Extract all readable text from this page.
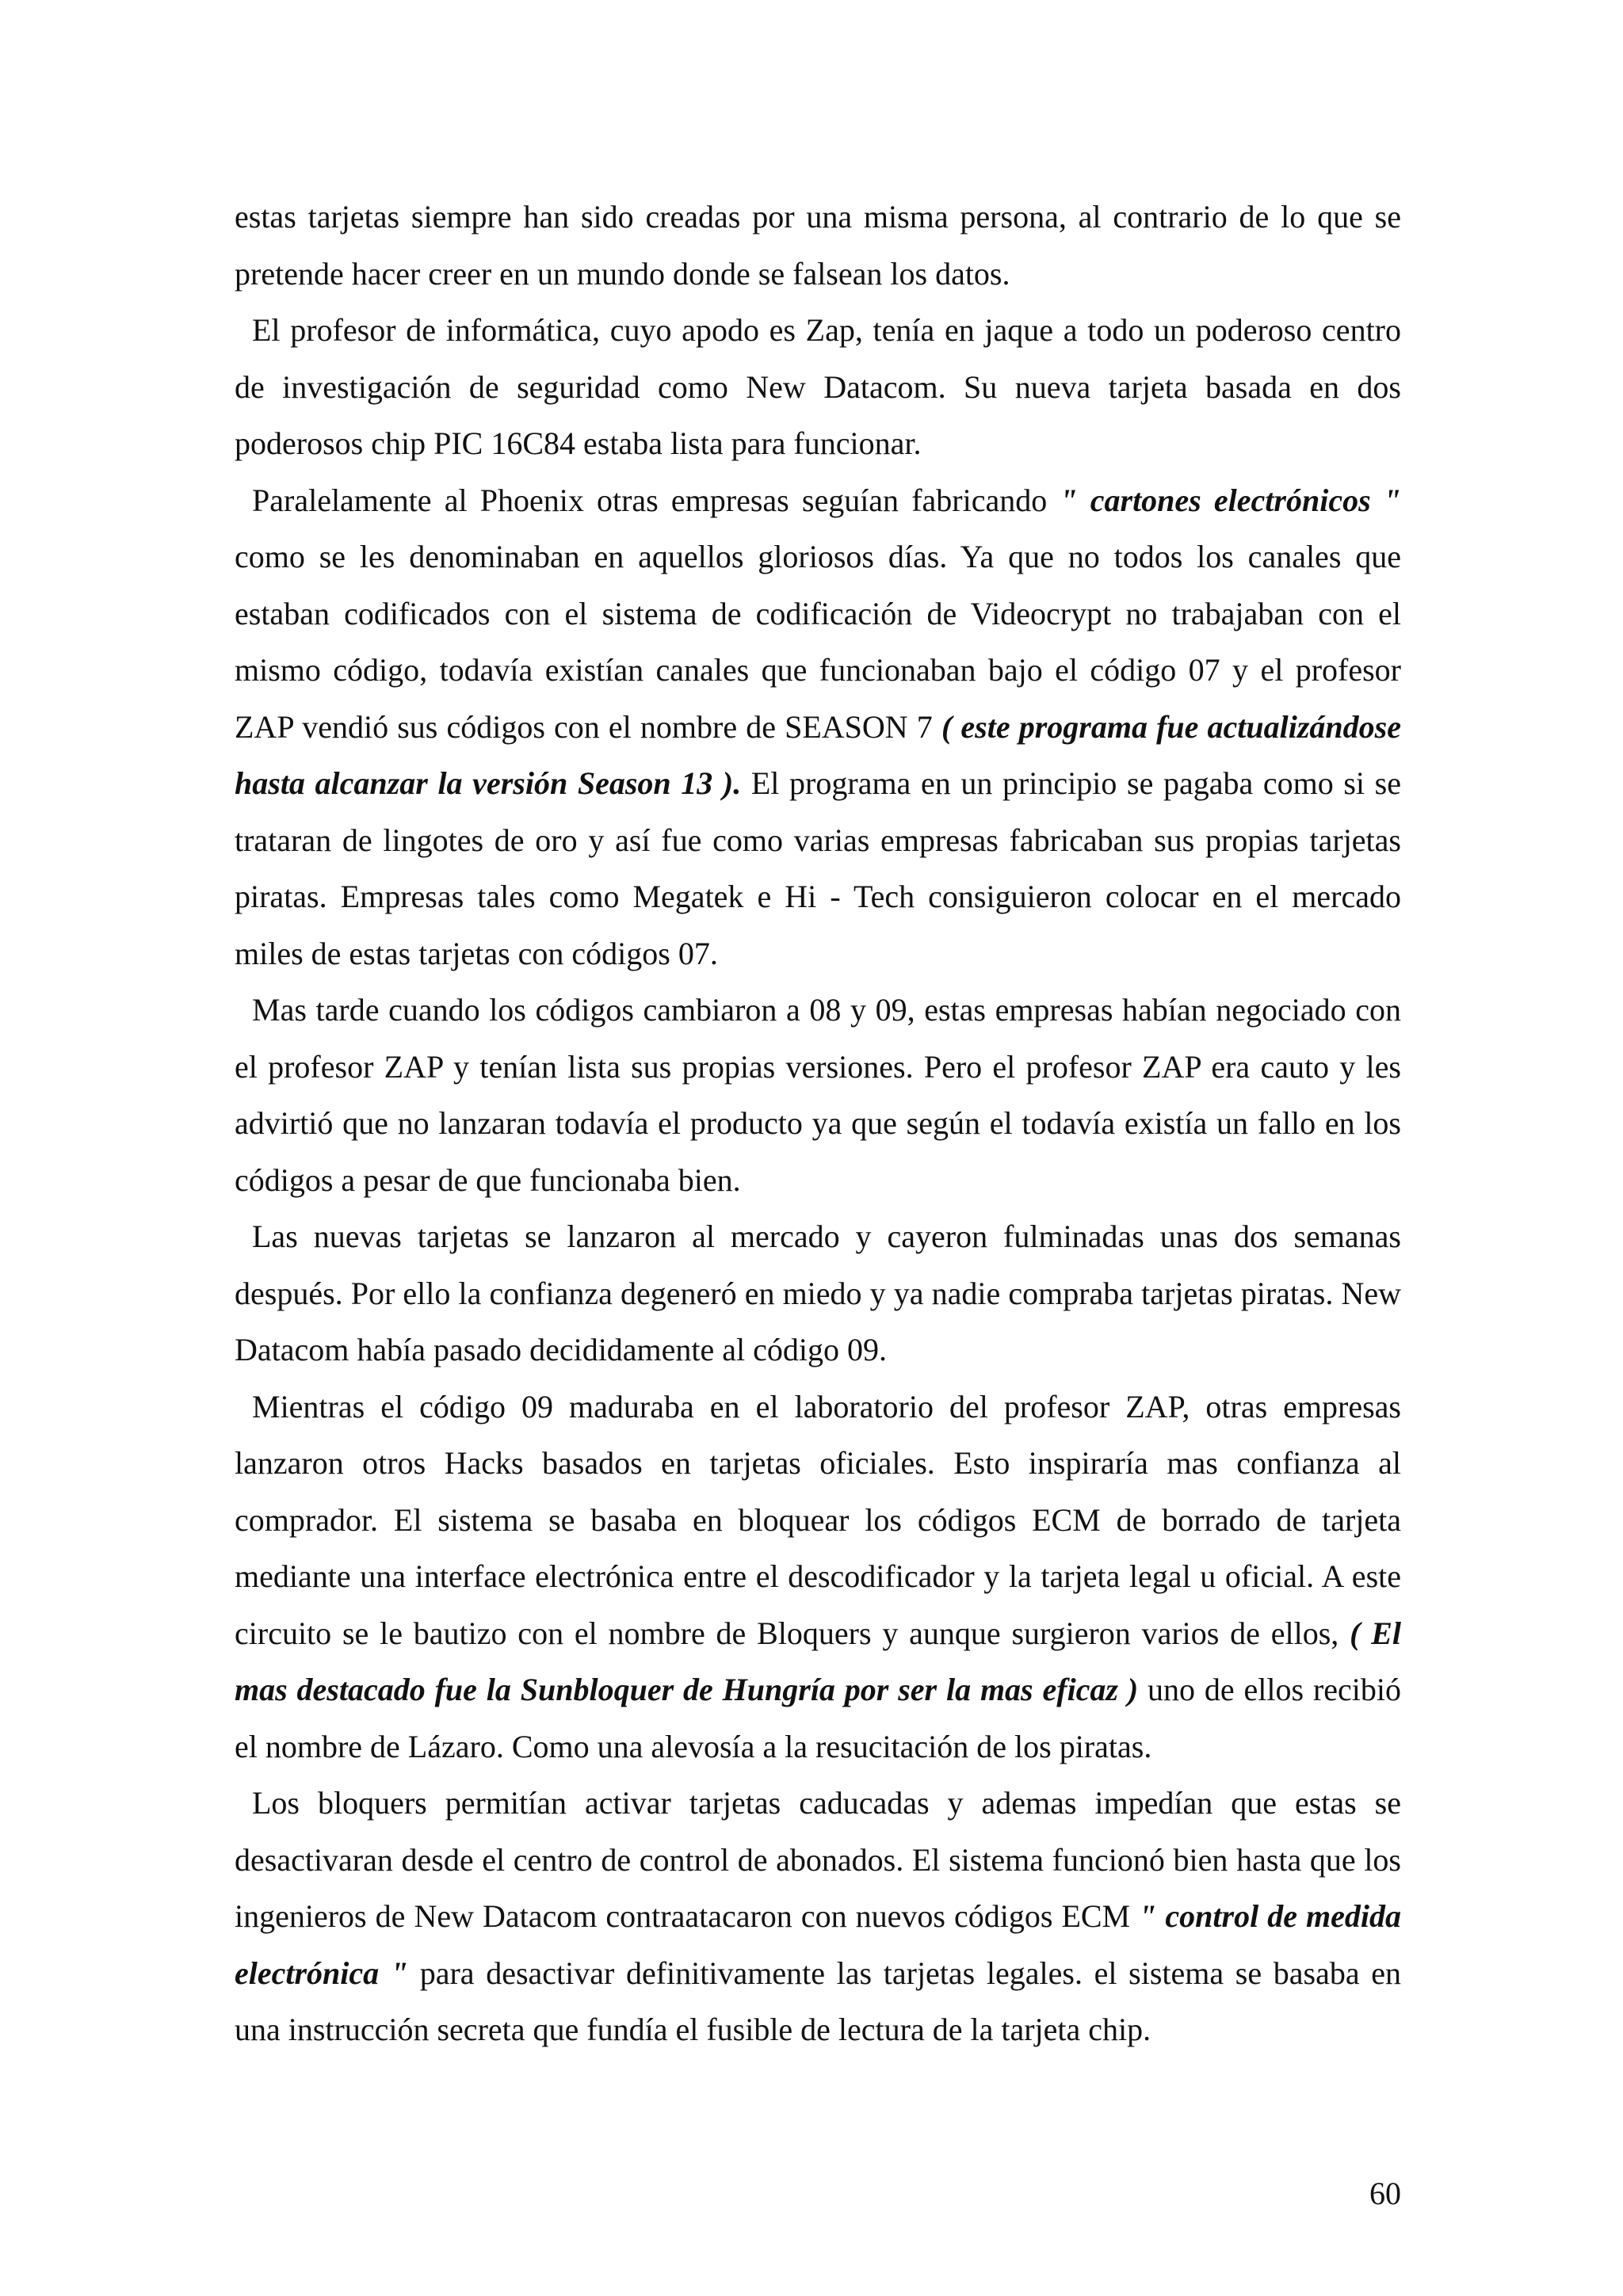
estas tarjetas siempre han sido creadas por una misma persona, al contrario de lo que se pretende hacer creer en un mundo donde se falsean los datos.

El profesor de informática, cuyo apodo es Zap, tenía en jaque a todo un poderoso centro de investigación de seguridad como New Datacom. Su nueva tarjeta basada en dos poderosos chip PIC 16C84 estaba lista para funcionar.

Paralelamente al Phoenix otras empresas seguían fabricando " cartones electrónicos " como se les denominaban en aquellos gloriosos días. Ya que no todos los canales que estaban codificados con el sistema de codificación de Videocrypt no trabajaban con el mismo código, todavía existían canales que funcionaban bajo el código 07 y el profesor ZAP vendió sus códigos con el nombre de SEASON 7 ( este programa fue actualizándose hasta alcanzar la versión Season 13 ). El programa en un principio se pagaba como si se trataran de lingotes de oro y así fue como varias empresas fabricaban sus propias tarjetas piratas. Empresas tales como Megatek e Hi - Tech consiguieron colocar en el mercado miles de estas tarjetas con códigos 07.

Mas tarde cuando los códigos cambiaron a 08 y 09, estas empresas habían negociado con el profesor ZAP y tenían lista sus propias versiones. Pero el profesor ZAP era cauto y les advirtió que no lanzaran todavía el producto ya que según el todavía existía un fallo en los códigos a pesar de que funcionaba bien.

Las nuevas tarjetas se lanzaron al mercado y cayeron fulminadas unas dos semanas después. Por ello la confianza degeneró en miedo y ya nadie compraba tarjetas piratas. New Datacom había pasado decididamente al código 09.

Mientras el código 09 maduraba en el laboratorio del profesor ZAP, otras empresas lanzaron otros Hacks basados en tarjetas oficiales. Esto inspiraría mas confianza al comprador. El sistema se basaba en bloquear los códigos ECM de borrado de tarjeta mediante una interface electrónica entre el descodificador y la tarjeta legal u oficial. A este circuito se le bautizo con el nombre de Bloquers y aunque surgieron varios de ellos, ( El mas destacado fue la Sunbloquer de Hungría por ser la mas eficaz ) uno de ellos recibió el nombre de Lázaro. Como una alevosía a la resucitación de los piratas.

Los bloquers permitían activar tarjetas caducadas y ademas impedían que estas se desactivaran desde el centro de control de abonados. El sistema funcionó bien hasta que los ingenieros de New Datacom contraatacaron con nuevos códigos ECM " control de medida electrónica " para desactivar definitivamente las tarjetas legales. el sistema se basaba en una instrucción secreta que fundía el fusible de lectura de la tarjeta chip.

60
